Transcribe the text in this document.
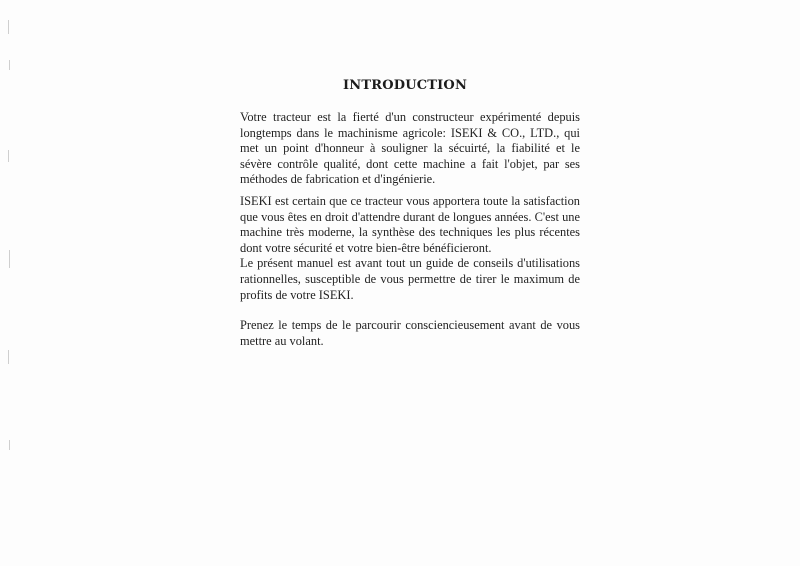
INTRODUCTION

Votre tracteur est la fierté d'un constructeur expérimenté depuis longtemps dans le machinisme agricole: ISEKI & CO., LTD., qui met un point d'honneur à souligner la sécuirté, la fiabilité et le sévère contrôle qualité, dont cette machine a fait l'objet, par ses méthodes de fabrication et d'ingénierie.

ISEKI est certain que ce tracteur vous apportera toute la satisfaction que vous êtes en droit d'attendre durant de longues années. C'est une machine très moderne, la synthèse des techniques les plus récentes dont votre sécurité et votre bien-être bénéficieront.

Le présent manuel est avant tout un guide de conseils d'utilisations rationnelles, susceptible de vous permettre de tirer le maximum de profits de votre ISEKI.

Prenez le temps de le parcourir consciencieusement avant de vous mettre au volant.
